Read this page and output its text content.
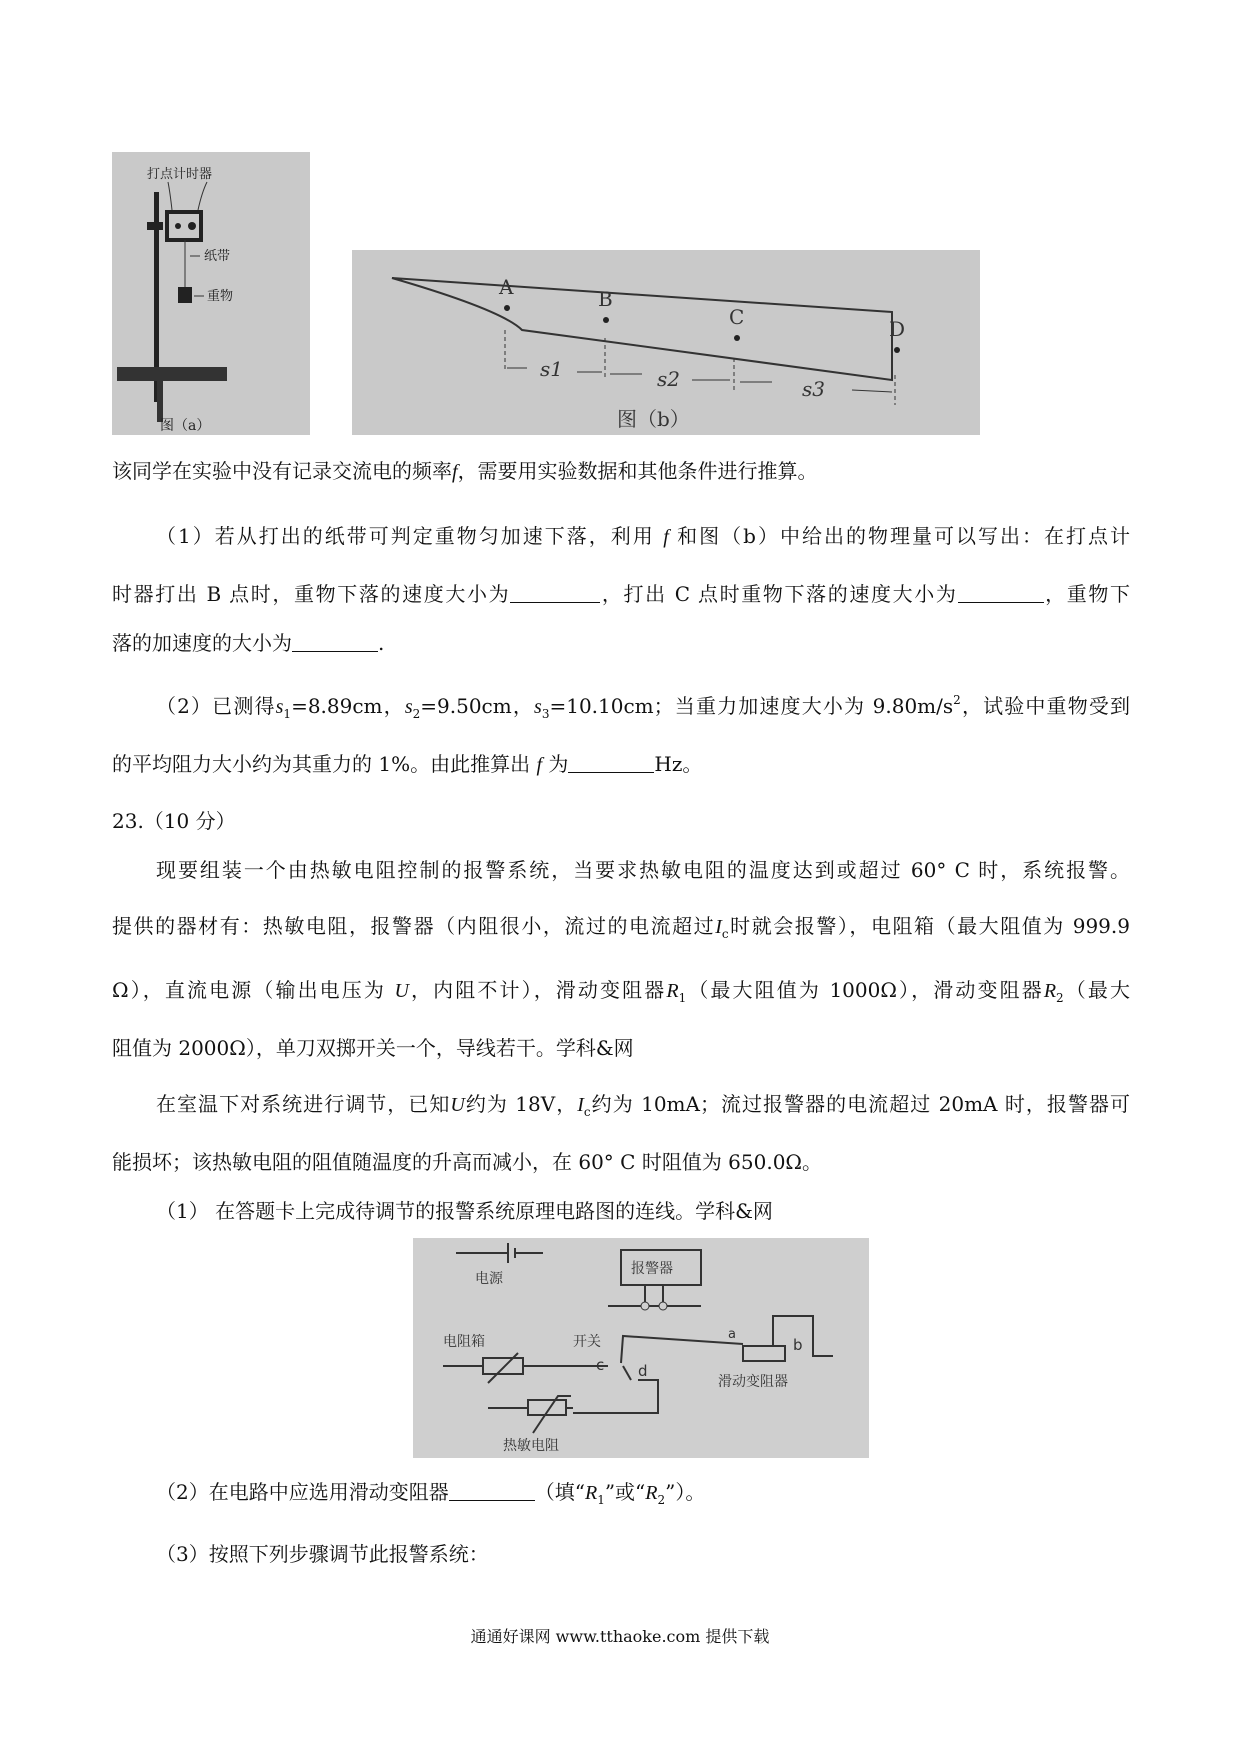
打点计时器
纸带
重物
图（a）
A	B
C	D
s1	s2	s3
图（b）
该同学在实验中没有记录交流电的频率f，需要用实验数据和其他条件进行推算。
（1）若从打出的纸带可判定重物匀加速下落，利用 f 和图（b）中给出的物理量可以写出：在打点计
时器打出 B 点时，重物下落的速度大小为	，打出 C 点时重物下落的速度大小为	，重物下
落的加速度的大小为	.
（2）已测得$s_1=8.89cm$，$s_2=9.50cm$，$s_3=10.10cm$；当重力加速度大小为 $9.80m/s^2$，试验中重物受到
的平均阻力大小约为其重力的 1%。由此推算出 f 为	Hz。
23.（10 分）
现要组装一个由热敏电阻控制的报警系统，当要求热敏电阻的温度达到或超过 60° C 时，系统报警。
提供的器材有：热敏电阻，报警器（内阻很小，流过的电流超过$I_c$时就会报警），电阻箱（最大阻值为 999.9
Ω），直流电源（输出电压为 U，内阻不计），滑动变阻器$R_1$（最大阻值为 1000Ω），滑动变阻器$R_2$（最大
阻值为 2000Ω），单刀双掷开关一个，导线若干。学科&网
在室温下对系统进行调节，已知U约为 18V，$I_c$约为 10mA；流过报警器的电流超过 20mA 时，报警器可
能损坏；该热敏电阻的阻值随温度的升高而减小，在 60° C 时阻值为 650.0Ω。
（1） 在答题卡上完成待调节的报警系统原理电路图的连线。学科&网
电源
报警器
电阻箱	开关
c d
a
b
滑动变阻器
热敏电阻
（2）在电路中应选用滑动变阻器	（填“$R_1$”或“$R_2$”）。
（3）按照下列步骤调节此报警系统：
通通好课网 www.tthaoke.com 提供下载
